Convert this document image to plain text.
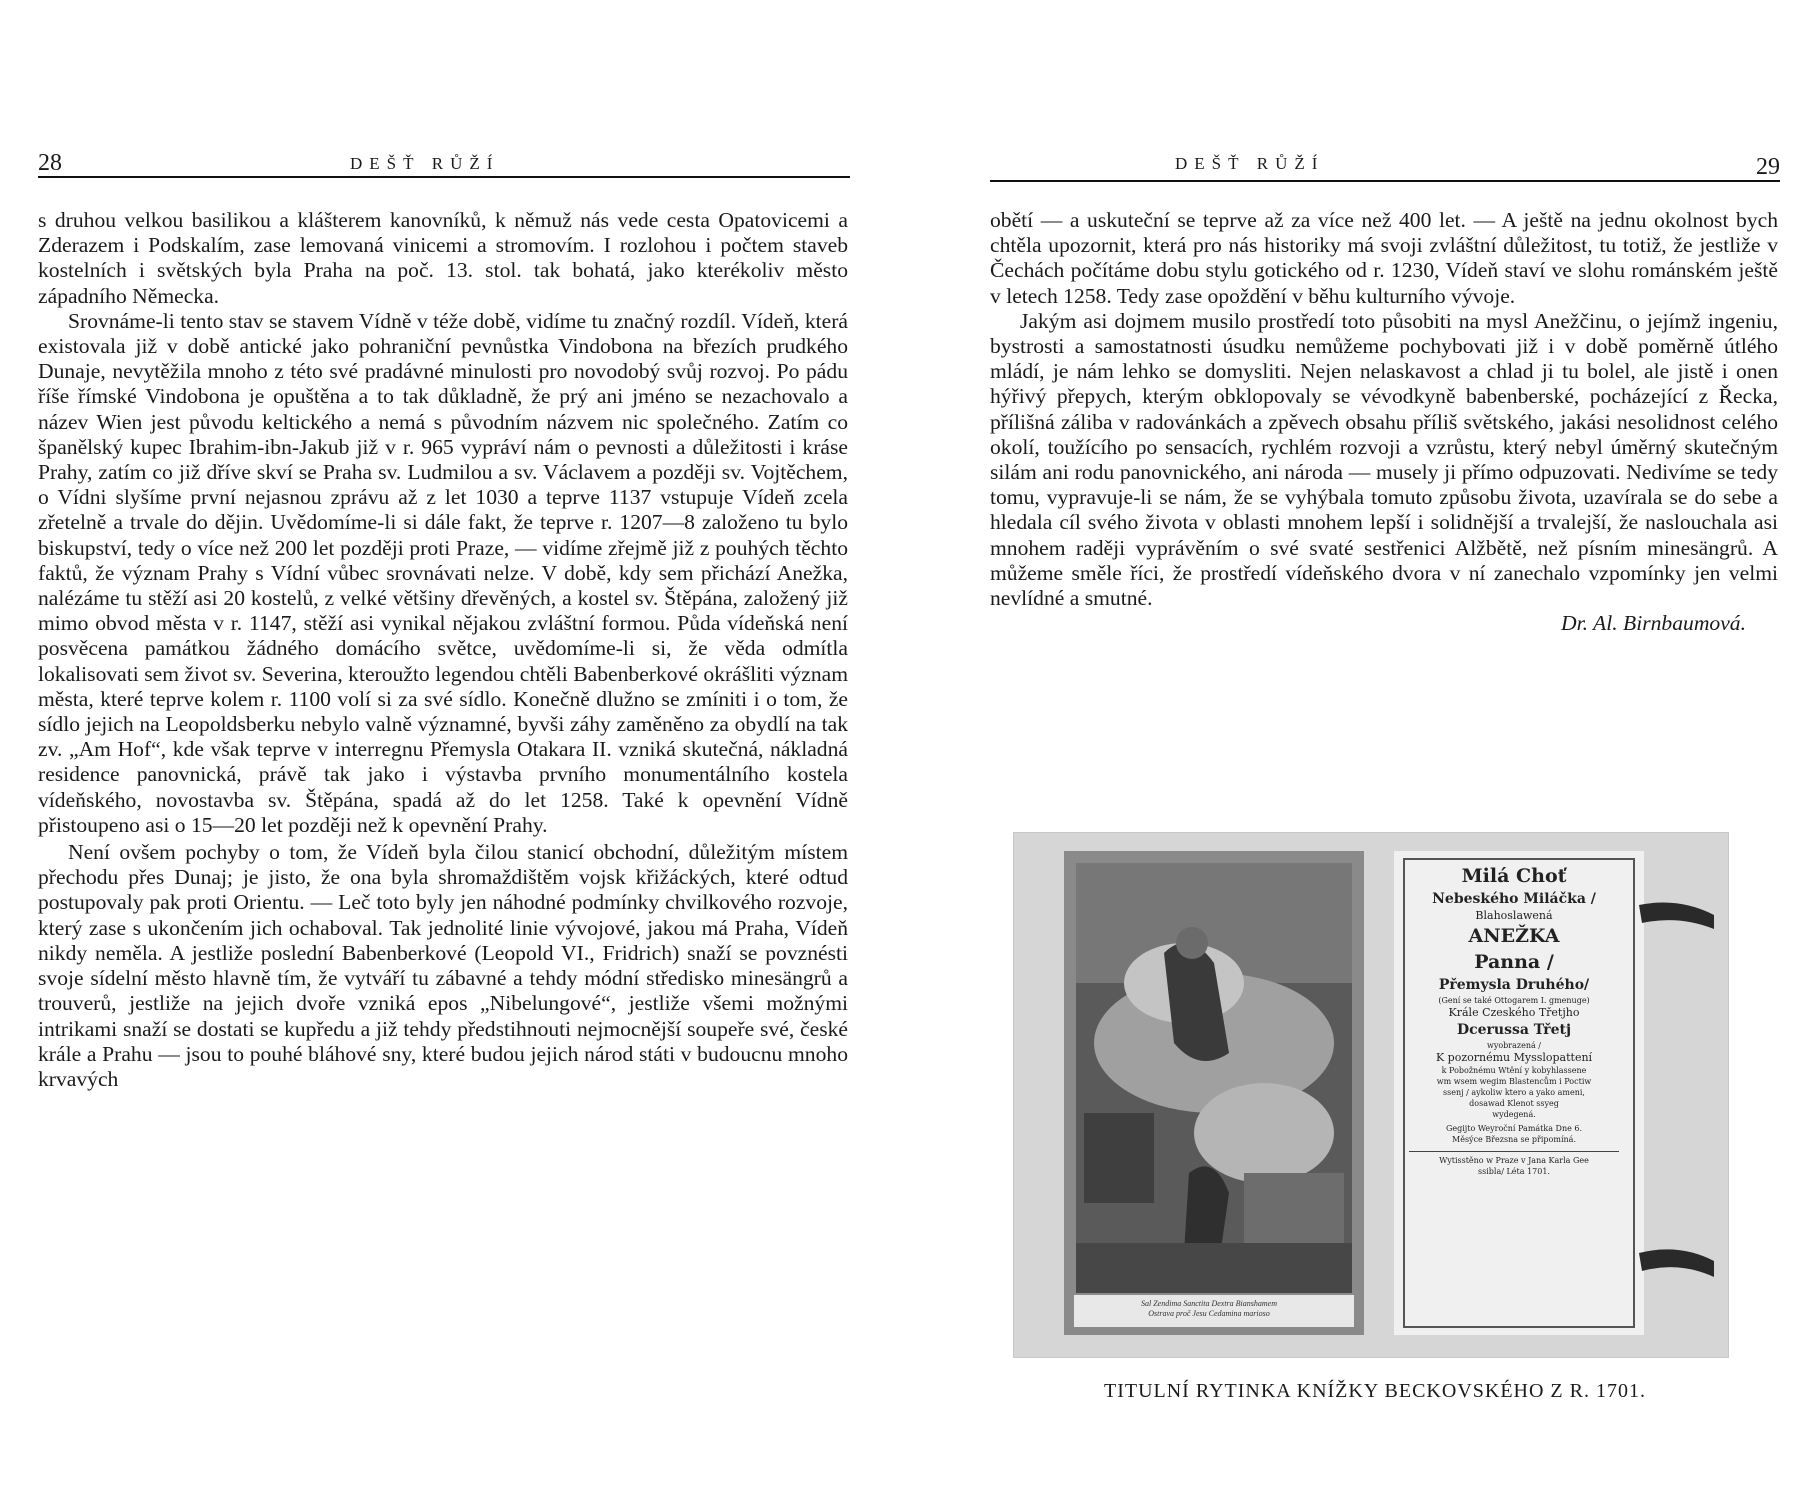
28	DEŠŤ RŮŽÍ

s druhou velkou basilikou a klášterem kanovníků, k němuž nás vede cesta Opatovicemi a Zderazem i Podskalím, zase lemovaná vinicemi a stromovím. I rozlohou i počtem staveb kostelních i světských byla Praha na poč. 13. stol. tak bohatá, jako kterékoliv město západního Německa.

Srovnáme-li tento stav se stavem Vídně v téže době, vidíme tu značný rozdíl. Vídeň, která existovala již v době antické jako pohraniční pevnůstka Vindobona na březích prudkého Dunaje, nevytěžila mnoho z této své pradávné minulosti pro novodobý svůj rozvoj. Po pádu říše římské Vindobona je opuštěna a to tak důkladně, že prý ani jméno se nezachovalo a název Wien jest původu keltického a nemá s původním názvem nic společného. Zatím co španělský kupec Ibrahim-ibn-Jakub již v r. 965 vypráví nám o pevnosti a důležitosti i kráse Prahy, zatím co již dříve skví se Praha sv. Ludmilou a sv. Václavem a později sv. Vojtěchem, o Vídni slyšíme první nejasnou zprávu až z let 1030 a teprve 1137 vstupuje Vídeň zcela zřetelně a trvale do dějin. Uvědomíme-li si dále fakt, že teprve r. 1207—8 založeno tu bylo biskupství, tedy o více než 200 let později proti Praze, — vidíme zřejmě již z pouhých těchto faktů, že význam Prahy s Vídní vůbec srovnávati nelze. V době, kdy sem přichází Anežka, nalézáme tu stěží asi 20 kostelů, z velké většiny dřevěných, a kostel sv. Štěpána, založený již mimo obvod města v r. 1147, stěží asi vynikal nějakou zvláštní formou. Půda vídeňská není posvěcena památkou žádného domácího světce, uvědomíme-li si, že věda odmítla lokalisovati sem život sv. Severina, kteroužto legendou chtěli Babenberkové okrášliti význam města, které teprve kolem r. 1100 volí si za své sídlo. Konečně dlužno se zmíniti i o tom, že sídlo jejich na Leopoldsberku nebylo valně významné, byvši záhy zaměněno za obydlí na tak zv. „Am Hof“, kde však teprve v interregnu Přemysla Otakara II. vzniká skutečná, nákladná residence panovnická, právě tak jako i výstavba prvního monumentálního kostela vídeňského, novostavba sv. Štěpána, spadá až do let 1258. Také k opevnění Vídně přistoupeno asi o 15—20 let později než k opevnění Prahy.

Není ovšem pochyby o tom, že Vídeň byla čilou stanicí obchodní, důležitým místem přechodu přes Dunaj; je jisto, že ona byla shromaždištěm vojsk křižáckých, které odtud postupovaly pak proti Orientu. — Leč toto byly jen náhodné podmínky chvilkového rozvoje, který zase s ukončením jich ochaboval. Tak jednolité linie vývojové, jakou má Praha, Vídeň nikdy neměla. A jestliže poslední Babenberkové (Leopold VI., Fridrich) snaží se povznésti svoje sídelní město hlavně tím, že vytváří tu zábavné a tehdy módní středisko minesängrů a trouverů, jestliže na jejich dvoře vzniká epos „Nibelungové“, jestliže všemi možnými intrikami snaží se dostati se kupředu a již tehdy předstihnouti nejmocnější soupeře své, české krále a Prahu — jsou to pouhé bláhové sny, které budou jejich národ státi v budoucnu mnoho krvavých

DEŠŤ RŮŽÍ	29

obětí — a uskuteční se teprve až za více než 400 let. — A ještě na jednu okolnost bych chtěla upozornit, která pro nás historiky má svoji zvláštní důležitost, tu totiž, že jestliže v Čechách počítáme dobu stylu gotického od r. 1230, Vídeň staví ve slohu románském ještě v letech 1258. Tedy zase opoždění v běhu kulturního vývoje.

Jakým asi dojmem musilo prostředí toto působiti na mysl Anežčinu, o jejímž ingeniu, bystrosti a samostatnosti úsudku nemůžeme pochybovati již i v době poměrně útlého mládí, je nám lehko se domysliti. Nejen nelaskavost a chlad ji tu bolel, ale jistě i onen hýřivý přepych, kterým obklopovaly se vévodkyně babenberské, pocházející z Řecka, přílišná záliba v radovánkách a zpěvech obsahu příliš světského, jakási nesolidnost celého okolí, toužícího po sensacích, rychlém rozvoji a vzrůstu, který nebyl úměrný skutečným silám ani rodu panovnického, ani národa — musely ji přímo odpuzovati. Nedivíme se tedy tomu, vypravuje-li se nám, že se vyhýbala tomuto způsobu života, uzavírala se do sebe a hledala cíl svého života v oblasti mnohem lepší i solidnější a trvalejší, že naslouchala asi mnohem raději vyprávěním o své svaté sestřenici Alžbětě, než písním minesängrů. A můžeme směle říci, že prostředí vídeňského dvora v ní zanechalo vzpomínky jen velmi nevlídné a smutné.

Dr. Al. Birnbaumová.

Sal Zendima Sanctita Dextra Bianshamem
Ostrava proč Jesu Cedamina marioso
Milá Choť
Nebeského Miláčka /
Blahoslawená
ANEŽKA
Panna /
Přemysla Druhého/
(Gení se také Ottogarem I. gmenuge)
Krále Czeského Třetjho
Dcerussa Třetj
wyobrazená /
K pozornému Mysslopattení
k Pobožnému Wtění y kobyhlassene
wm wsem wegim Blastencům i Poctiw
ssenj / aykoliw ktero a yako ameni,
dosawad Klenot ssyeg
wydegená.
Gegijto Weyroční Památka Dne 6.
Měsýce Březsna se připomíná.
Wytisstěno w Praze v Jana Karla Gee
ssibla/ Léta 1701.
TITULNÍ RYTINKA KNÍŽKY BECKOVSKÉHO Z R. 1701.
